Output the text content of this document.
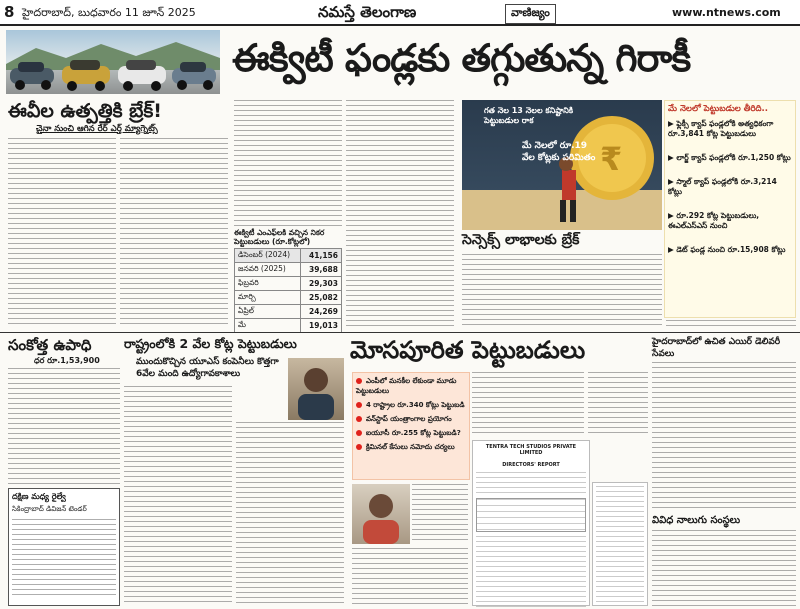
8 హైదరాబాద్, బుధవారం 11 జూన్ 2025	నమస్తే తెలంగాణ	వాణిజ్యం	www.ntnews.com
ఈక్విటీ ఫండ్లకు తగ్గుతున్న గిరాకీ
ఈవీల ఉత్పత్తికి బ్రేక్!
చైనా నుంచి ఆగిన రేర్ ఎర్త్ మ్యాగ్నెట్స్
ఈక్విటీ ఎంఎఫ్‌లకి వచ్చిన నికర పెట్టుబడులు (రూ.కోట్లలో)
డిసెంబర్ (2024)	41,156
జనవరి (2025)	39,688
ఫిబ్రవరి	29,303
మార్చి	25,082
ఏప్రిల్	24,269
మే	19,013
₹
గత నెల 13 నెలల కనిష్టానికి పెట్టుబడుల రాక
మే నెలలో రూ.19 వేల కోట్లకు పరిమితం
మే నెలలో పెట్టుబడుల తీరిది..
▶ ఫ్లెక్సీ క్యాప్ ఫండ్లలోకి అత్యధికంగా రూ.3,841 కోట్ల పెట్టుబడులు
▶ లార్జ్ క్యాప్ ఫండ్లలోకి రూ.1,250 కోట్లు
▶ స్మాల్ క్యాప్ ఫండ్లలోకి రూ.3,214 కోట్లు
▶ రూ.292 కోట్ల పెట్టుబడులు, ఈఎల్ఎస్ఎస్ నుంచి
▶ డెట్ ఫండ్ల నుంచి రూ.15,908 కోట్లు
సెన్సెక్స్ లాభాలకు బ్రేక్
సంకోత్త ఉపాధి
ధర రూ.1,53,900
దక్షిణ మధ్య రైల్వే
సికింద్రాబాద్ డివిజన్ టెండర్
రాష్ట్రంలోకి 2 వేల కోట్ల పెట్టుబడులు
ముందుకొచ్చిన యూఎస్ కంపెనీలు కొత్తగా 6వేల మంది ఉద్యోగావకాశాలు
మోసపూరిత పెట్టుబడులు
ఎంపీలో మనకీల లేకుండా మూడు పెట్టుబడులు
4 రాష్ట్రాల రూ.340 కోట్లు పెట్టుబడి
వన్‌స్టాప్ యంత్రాంగాల ప్రయోగం
ఐయూసీ రూ.255 కోట్ల పెట్టుబడి?
క్రిమినల్ కేసులు నమోదు చర్యలు	TENTRA TECH STUDIOS PRIVATE LIMITED
DIRECTORS' REPORT
హైదరాబాద్‌లో ఉచిత ఎయిర్ డెలివరీ సేవలు
వివిధ నాలుగు సంస్థలు
